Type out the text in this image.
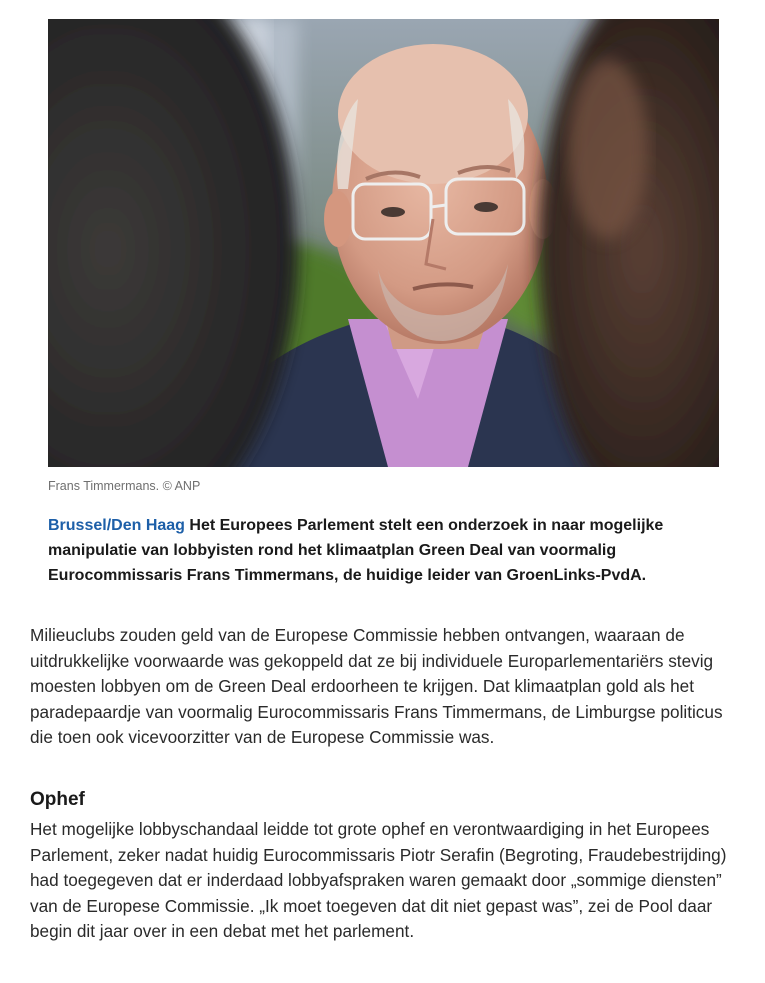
Frans Timmermans. © ANP
Brussel/Den Haag Het Europees Parlement stelt een onderzoek in naar mogelijke manipulatie van lobbyisten rond het klimaatplan Green Deal van voormalig Eurocommissaris Frans Timmermans, de huidige leider van GroenLinks-PvdA.
Milieuclubs zouden geld van de Europese Commissie hebben ontvangen, waaraan de uitdrukkelijke voorwaarde was gekoppeld dat ze bij individuele Europarlementariërs stevig moesten lobbyen om de Green Deal erdoorheen te krijgen. Dat klimaatplan gold als het paradepaardje van voormalig Eurocommissaris Frans Timmermans, de Limburgse politicus die toen ook vicevoorzitter van de Europese Commissie was.
Ophef
Het mogelijke lobbyschandaal leidde tot grote ophef en verontwaardiging in het Europees Parlement, zeker nadat huidig Eurocommissaris Piotr Serafin (Begroting, Fraudebestrijding) had toegegeven dat er inderdaad lobbyafspraken waren gemaakt door „sommige diensten” van de Europese Commissie. „Ik moet toegeven dat dit niet gepast was”, zei de Pool daar begin dit jaar over in een debat met het parlement.
